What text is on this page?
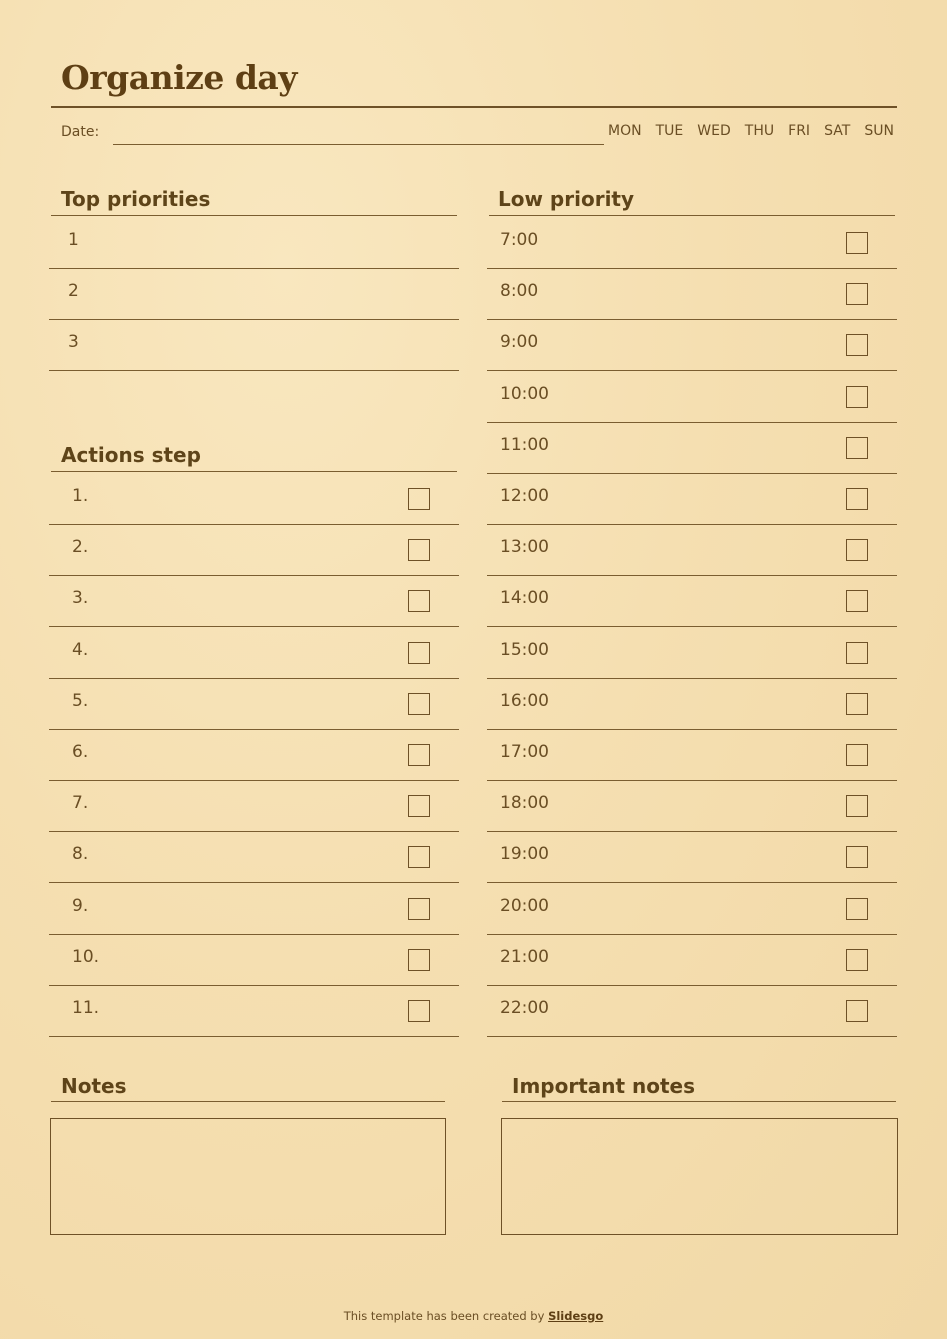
Organize day
Date:	MON TUE WED THU FRI SAT SUN
Top priorities
1
2
3
Actions step
1.
2.
3.
4.
5.
6.
7.
8.
9.
10.
11.
Low priority
7:00
8:00
9:00
10:00
11:00
12:00
13:00
14:00
15:00
16:00
17:00
18:00
19:00
20:00
21:00
22:00
Notes	Important notes
This template has been created by Slidesgo
